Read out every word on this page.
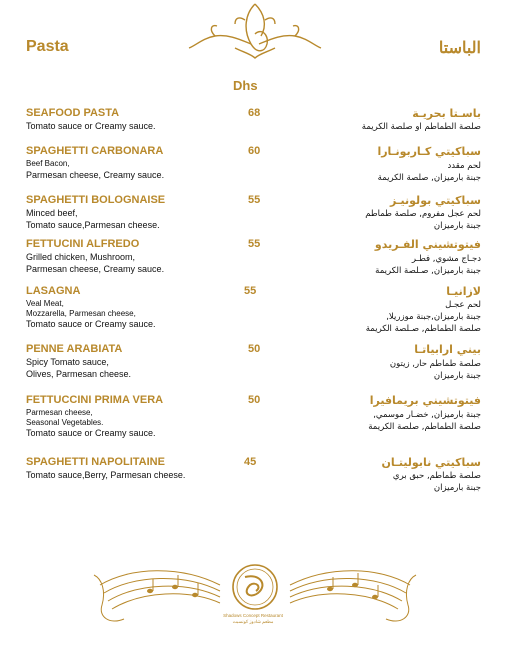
Pasta	الباستا
Dhs
SEAFOOD PASTA	68
Tomato sauce or Creamy sauce.
باسـتا بحريـة
صلصة الطماطم او صلصة الكريمة
SPAGHETTI CARBONARA	60
Beef Bacon,
Parmesan cheese, Creamy sauce.
سباكيتي كـاربونـارا
لحم مقدد
جبنة بارميزان, صلصة الكريمة
SPAGHETTI BOLOGNAISE	55
Minced beef,
Tomato sauce,Parmesan cheese.
سباكيتي بولونيـز
لحم عجل مفروم, صلصة طماطم
جبنة بارميزان
FETTUCINI ALFREDO	55
Grilled chicken, Mushroom,
Parmesan cheese, Creamy sauce.
فيتوتشيني الفـريدو
دجـاج مشوي, فطـر
جبنة بارميزان, صـلصة الكريمة
LASAGNA	55
Veal Meat,
Mozzarella, Parmesan cheese,
Tomato sauce or Creamy sauce.
لازانيـا
لحم عجـل
جبنة بارميزان,جبنة موزريلا,
صلصة الطماطم, صـلصة الكريمة
PENNE ARABIATA	50
Spicy Tomato sauce,
Olives, Parmesan cheese.
بيني ارابياتـا
صلصة طماطم حار, زيتون
جبنة بارميزان
FETTUCCINI PRIMA VERA	50
Parmesan cheese,
Seasonal Vegetables.
Tomato sauce or Creamy sauce.
فيتوتشيني بريمافيرا
جبنة بارميزان, خضـار موسمي,
صلصة الطماطم, صلصة الكريمة
SPAGHETTI NAPOLITAINE	45
Tomato sauce,Berry, Parmesan cheese.
سباكيتي نابوليتـان
صلصة طماطم, حبق بري
جبنة بارميزان
Shadows Concept Restaurant
مطعم شادوز كونسبت
